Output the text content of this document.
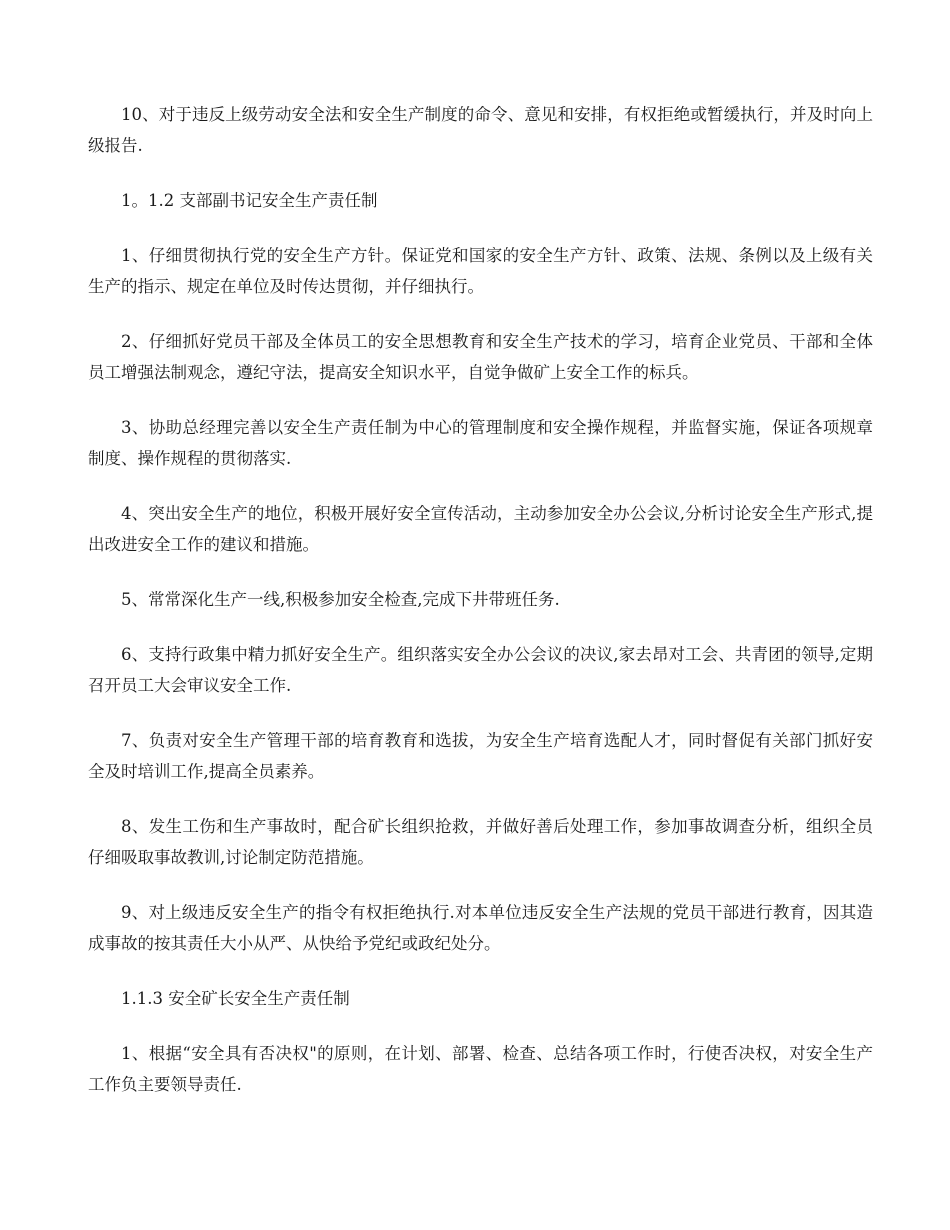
10、对于违反上级劳动安全法和安全生产制度的命令、意见和安排，有权拒绝或暂缓执行，并及时向上级报告.

1。1.2 支部副书记安全生产责任制

1、仔细贯彻执行党的安全生产方针。保证党和国家的安全生产方针、政策、法规、条例以及上级有关生产的指示、规定在单位及时传达贯彻，并仔细执行。

2、仔细抓好党员干部及全体员工的安全思想教育和安全生产技术的学习，培育企业党员、干部和全体员工增强法制观念，遵纪守法，提高安全知识水平，自觉争做矿上安全工作的标兵。

3、协助总经理完善以安全生产责任制为中心的管理制度和安全操作规程，并监督实施，保证各项规章制度、操作规程的贯彻落实.

4、突出安全生产的地位，积极开展好安全宣传活动，主动参加安全办公会议,分析讨论安全生产形式,提出改进安全工作的建议和措施。

5、常常深化生产一线,积极参加安全检查,完成下井带班任务.

6、支持行政集中精力抓好安全生产。组织落实安全办公会议的决议,家去昂对工会、共青团的领导,定期召开员工大会审议安全工作.

7、负责对安全生产管理干部的培育教育和选拔，为安全生产培育选配人才，同时督促有关部门抓好安全及时培训工作,提高全员素养。

8、发生工伤和生产事故时，配合矿长组织抢救，并做好善后处理工作，参加事故调查分析，组织全员仔细吸取事故教训,讨论制定防范措施。

9、对上级违反安全生产的指令有权拒绝执行.对本单位违反安全生产法规的党员干部进行教育，因其造成事故的按其责任大小从严、从快给予党纪或政纪处分。

1.1.3 安全矿长安全生产责任制

1、根据“安全具有否决权"的原则，在计划、部署、检查、总结各项工作时，行使否决权，对安全生产工作负主要领导责任.
